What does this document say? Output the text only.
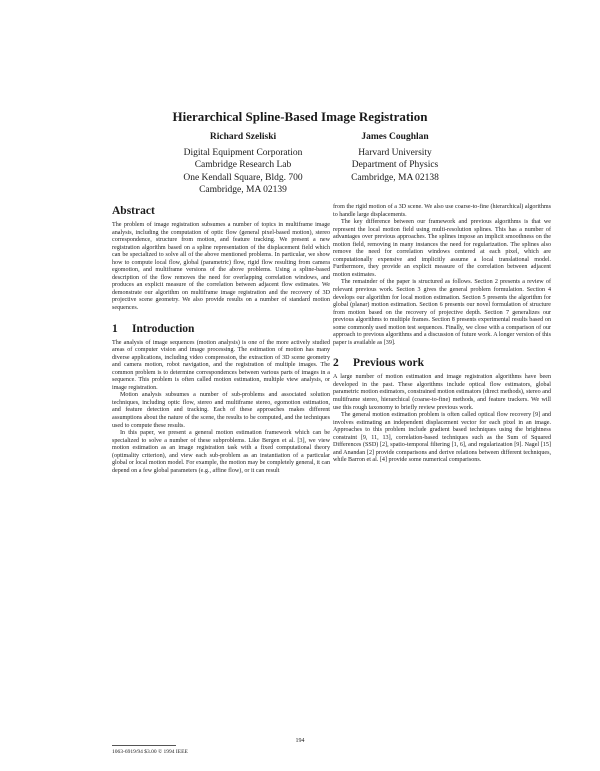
Hierarchical Spline-Based Image Registration
Richard Szeliski
Digital Equipment Corporation
Cambridge Research Lab
One Kendall Square, Bldg. 700
Cambridge, MA 02139
James Coughlan
Harvard University
Department of Physics
Cambridge, MA 02138
Abstract

The problem of image registration subsumes a number of topics in multiframe image analysis, including the computation of optic flow (general pixel-based motion), stereo correspondence, structure from motion, and feature tracking. We present a new registration algorithm based on a spline representation of the displacement field which can be specialized to solve all of the above mentioned problems. In particular, we show how to compute local flow, global (parametric) flow, rigid flow resulting from camera egomotion, and multiframe versions of the above problems. Using a spline-based description of the flow removes the need for overlapping correlation windows, and produces an explicit measure of the correlation between adjacent flow estimates. We demonstrate our algorithm on multiframe image registration and the recovery of 3D projective scene geometry. We also provide results on a number of standard motion sequences.

1 Introduction

The analysis of image sequences (motion analysis) is one of the more actively studied areas of computer vision and image processing. The estimation of motion has many diverse applications, including video compression, the extraction of 3D scene geometry and camera motion, robot navigation, and the registration of multiple images. The common problem is to determine correspondences between various parts of images in a sequence. This problem is often called motion estimation, multiple view analysis, or image registration.

Motion analysis subsumes a number of sub-problems and associated solution techniques, including optic flow, stereo and multiframe stereo, egomotion estimation, and feature detection and tracking. Each of these approaches makes different assumptions about the nature of the scene, the results to be computed, and the techniques used to compute these results.

In this paper, we present a general motion estimation framework which can be specialized to solve a number of these subproblems. Like Bergen et al. [3], we view motion estimation as an image registration task with a fixed computational theory (optimality criterion), and view each sub-problem as an instantiation of a particular global or local motion model. For example, the motion may be completely general, it can depend on a few global parameters (e.g., affine flow), or it can result

from the rigid motion of a 3D scene. We also use coarse-to-fine (hierarchical) algorithms to handle large displacements.

The key difference between our framework and previous algorithms is that we represent the local motion field using multi-resolution splines. This has a number of advantages over previous approaches. The splines impose an implicit smoothness on the motion field, removing in many instances the need for regularization. The splines also remove the need for correlation windows centered at each pixel, which are computationally expensive and implicitly assume a local translational model. Furthermore, they provide an explicit measure of the correlation between adjacent motion estimates.

The remainder of the paper is structured as follows. Section 2 presents a review of relevant previous work. Section 3 gives the general problem formulation. Section 4 develops our algorithm for local motion estimation. Section 5 presents the algorithm for global (planar) motion estimation. Section 6 presents our novel formulation of structure from motion based on the recovery of projective depth. Section 7 generalizes our previous algorithms to multiple frames. Section 8 presents experimental results based on some commonly used motion test sequences. Finally, we close with a comparison of our approach to previous algorithms and a discussion of future work. A longer version of this paper is available as [39].

2 Previous work

A large number of motion estimation and image registration algorithms have been developed in the past. These algorithms include optical flow estimators, global parametric motion estimators, constrained motion estimators (direct methods), stereo and multiframe stereo, hierarchical (coarse-to-fine) methods, and feature trackers. We will use this rough taxonomy to briefly review previous work.

The general motion estimation problem is often called optical flow recovery [9] and involves estimating an independent displacement vector for each pixel in an image. Approaches to this problem include gradient based techniques using the brightness constraint [9, 11, 13], correlation-based techniques such as the Sum of Squared Differences (SSD) [2], spatio-temporal filtering [1, 6], and regularization [9]. Nagel [15] and Anandan [2] provide comparisons and derive relations between different techniques, while Barron et al. [4] provide some numerical comparisons.

194
1063-6919/94 $3.00 © 1994 IEEE
